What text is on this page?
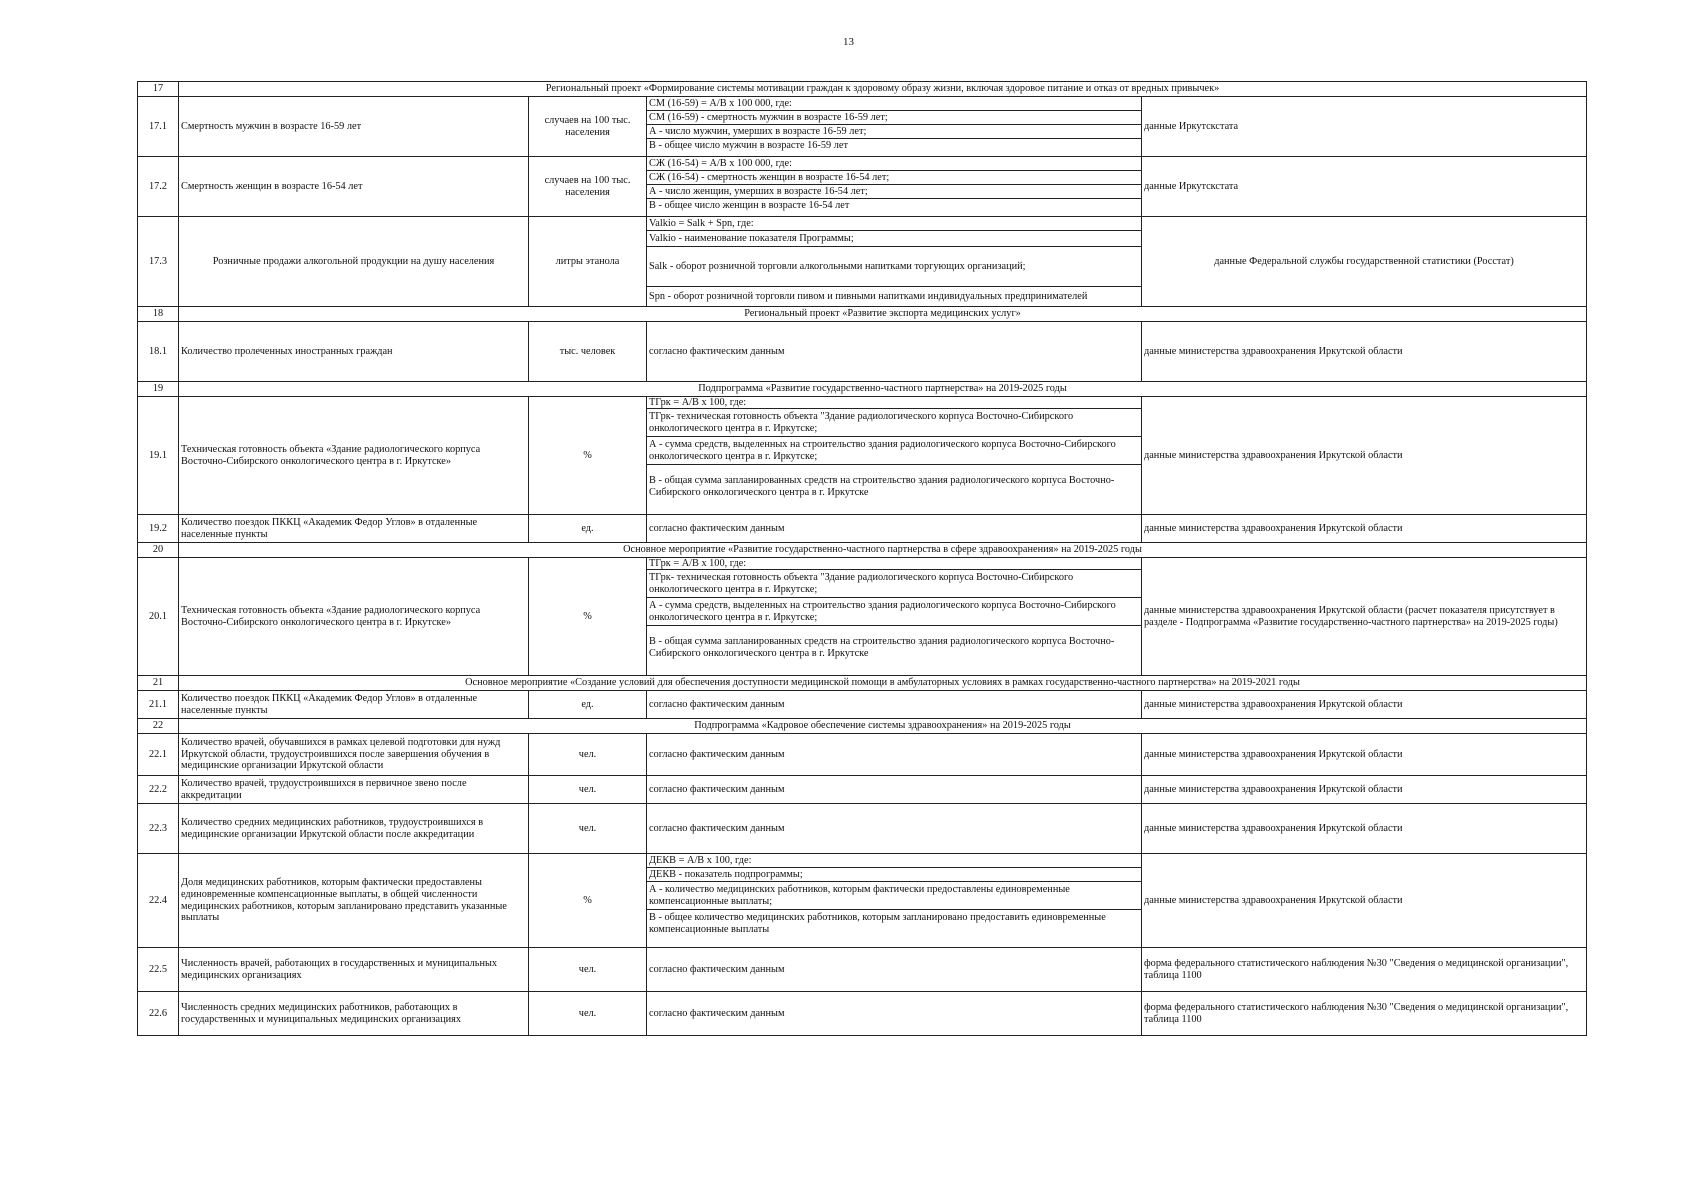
13
17	Региональный проект «Формирование системы мотивации граждан к здоровому образу жизни, включая здоровое питание и отказ от вредных привычек»			
17.1	Смертность мужчин в возрасте 16-59 лет	случаев на 100 тыс. населения	СМ (16-59) = А/В х 100 000, где:
СМ (16-59) - смертность мужчин в возрасте 16-59 лет;
А - число мужчин, умерших в возрасте 16-59 лет;
В - общее число мужчин в возрасте 16-59 лет	данные Иркутскстата
17.2	Смертность женщин в возрасте 16-54 лет	случаев на 100 тыс. населения	СЖ (16-54) = А/В х 100 000, где:
СЖ (16-54) - смертность женщин в возрасте 16-54 лет;
А - число женщин, умерших в возрасте 16-54 лет;
В - общее число женщин в возрасте 16-54 лет	данные Иркутскстата
17.3	Розничные продажи алкогольной продукции на душу населения	литры этанола	Valkio = Salk + Spn, где:
Valkio - наименование показателя Программы;
Salk - оборот розничной торговли алкогольными напитками торгующих организаций;
Spn - оборот розничной торговли пивом и пивными напитками индивидуальных предпринимателей	данные Федеральной службы государственной статистики (Росстат)
18	Региональный проект «Развитие экспорта медицинских услуг»			
18.1	Количество пролеченных иностранных граждан	тыс. человек	согласно фактическим данным	данные министерства здравоохранения Иркутской области
19	Подпрограмма «Развитие государственно-частного партнерства» на 2019-2025 годы			
19.1	Техническая готовность объекта «Здание радиологического корпуса Восточно-Сибирского онкологического центра в г. Иркутске»	%	ТГрк = А/В х 100, где:
ТГрк- техническая готовность объекта "Здание радиологического корпуса Восточно-Сибирского онкологического центра в г. Иркутске;
А - сумма средств, выделенных на строительство здания радиологического корпуса Восточно-Сибирского онкологического центра в г. Иркутске;
В - общая сумма запланированных средств на строительство здания радиологического корпуса Восточно-Сибирского онкологического центра в г. Иркутске	данные министерства здравоохранения Иркутской области
19.2	Количество поездок ПККЦ «Академик Федор Углов» в отдаленные населенные пункты	ед.	согласно фактическим данным	данные министерства здравоохранения Иркутской области
20	Основное мероприятие «Развитие государственно-частного партнерства в сфере здравоохранения» на 2019-2025 годы			
20.1	Техническая готовность объекта «Здание радиологического корпуса Восточно-Сибирского онкологического центра в г. Иркутске»	%	ТГрк = А/В х 100, где:
ТГрк- техническая готовность объекта "Здание радиологического корпуса Восточно-Сибирского онкологического центра в г. Иркутске;
А - сумма средств, выделенных на строительство здания радиологического корпуса Восточно-Сибирского онкологического центра в г. Иркутске;
В - общая сумма запланированных средств на строительство здания радиологического корпуса Восточно-Сибирского онкологического центра в г. Иркутске	данные министерства здравоохранения Иркутской области (расчет показателя присутствует в разделе - Подпрограмма «Развитие государственно-частного партнерства» на 2019-2025 годы)
21	Основное мероприятие «Создание условий для обеспечения доступности медицинской помощи в амбулаторных условиях в рамках государственно-частного партнерства» на 2019-2021 годы			
21.1	Количество поездок ПККЦ «Академик Федор Углов» в отдаленные населенные пункты	ед.	согласно фактическим данным	данные министерства здравоохранения Иркутской области
22	Подпрограмма «Кадровое обеспечение системы здравоохранения» на 2019-2025 годы			
22.1	Количество врачей, обучавшихся в рамках целевой подготовки для нужд Иркутской области, трудоустроившихся после завершения обучения в медицинские организации Иркутской области	чел.	согласно фактическим данным	данные министерства здравоохранения Иркутской области
22.2	Количество врачей, трудоустроившихся в первичное звено после аккредитации	чел.	согласно фактическим данным	данные министерства здравоохранения Иркутской области
22.3	Количество средних медицинских работников, трудоустроившихся в медицинские организации Иркутской области после аккредитации	чел.	согласно фактическим данным	данные министерства здравоохранения Иркутской области
22.4	Доля медицинских работников, которым фактически предоставлены единовременные компенсационные выплаты, в общей численности медицинских работников, которым запланировано представить указанные выплаты	%	ДЕКВ = А/В х 100, где:
ДЕКВ - показатель подпрограммы;
А - количество медицинских работников, которым фактически предоставлены единовременные компенсационные выплаты;
В - общее количество медицинских работников, которым запланировано предоставить единовременные компенсационные выплаты	данные министерства здравоохранения Иркутской области
22.5	Численность врачей, работающих в государственных и муниципальных медицинских организациях	чел.	согласно фактическим данным	форма федерального статистического наблюдения №30 "Сведения о медицинской организации", таблица 1100
22.6	Численность средних медицинских работников, работающих в государственных и муниципальных медицинских организациях	чел.	согласно фактическим данным	форма федерального статистического наблюдения №30 "Сведения о медицинской организации", таблица 1100
